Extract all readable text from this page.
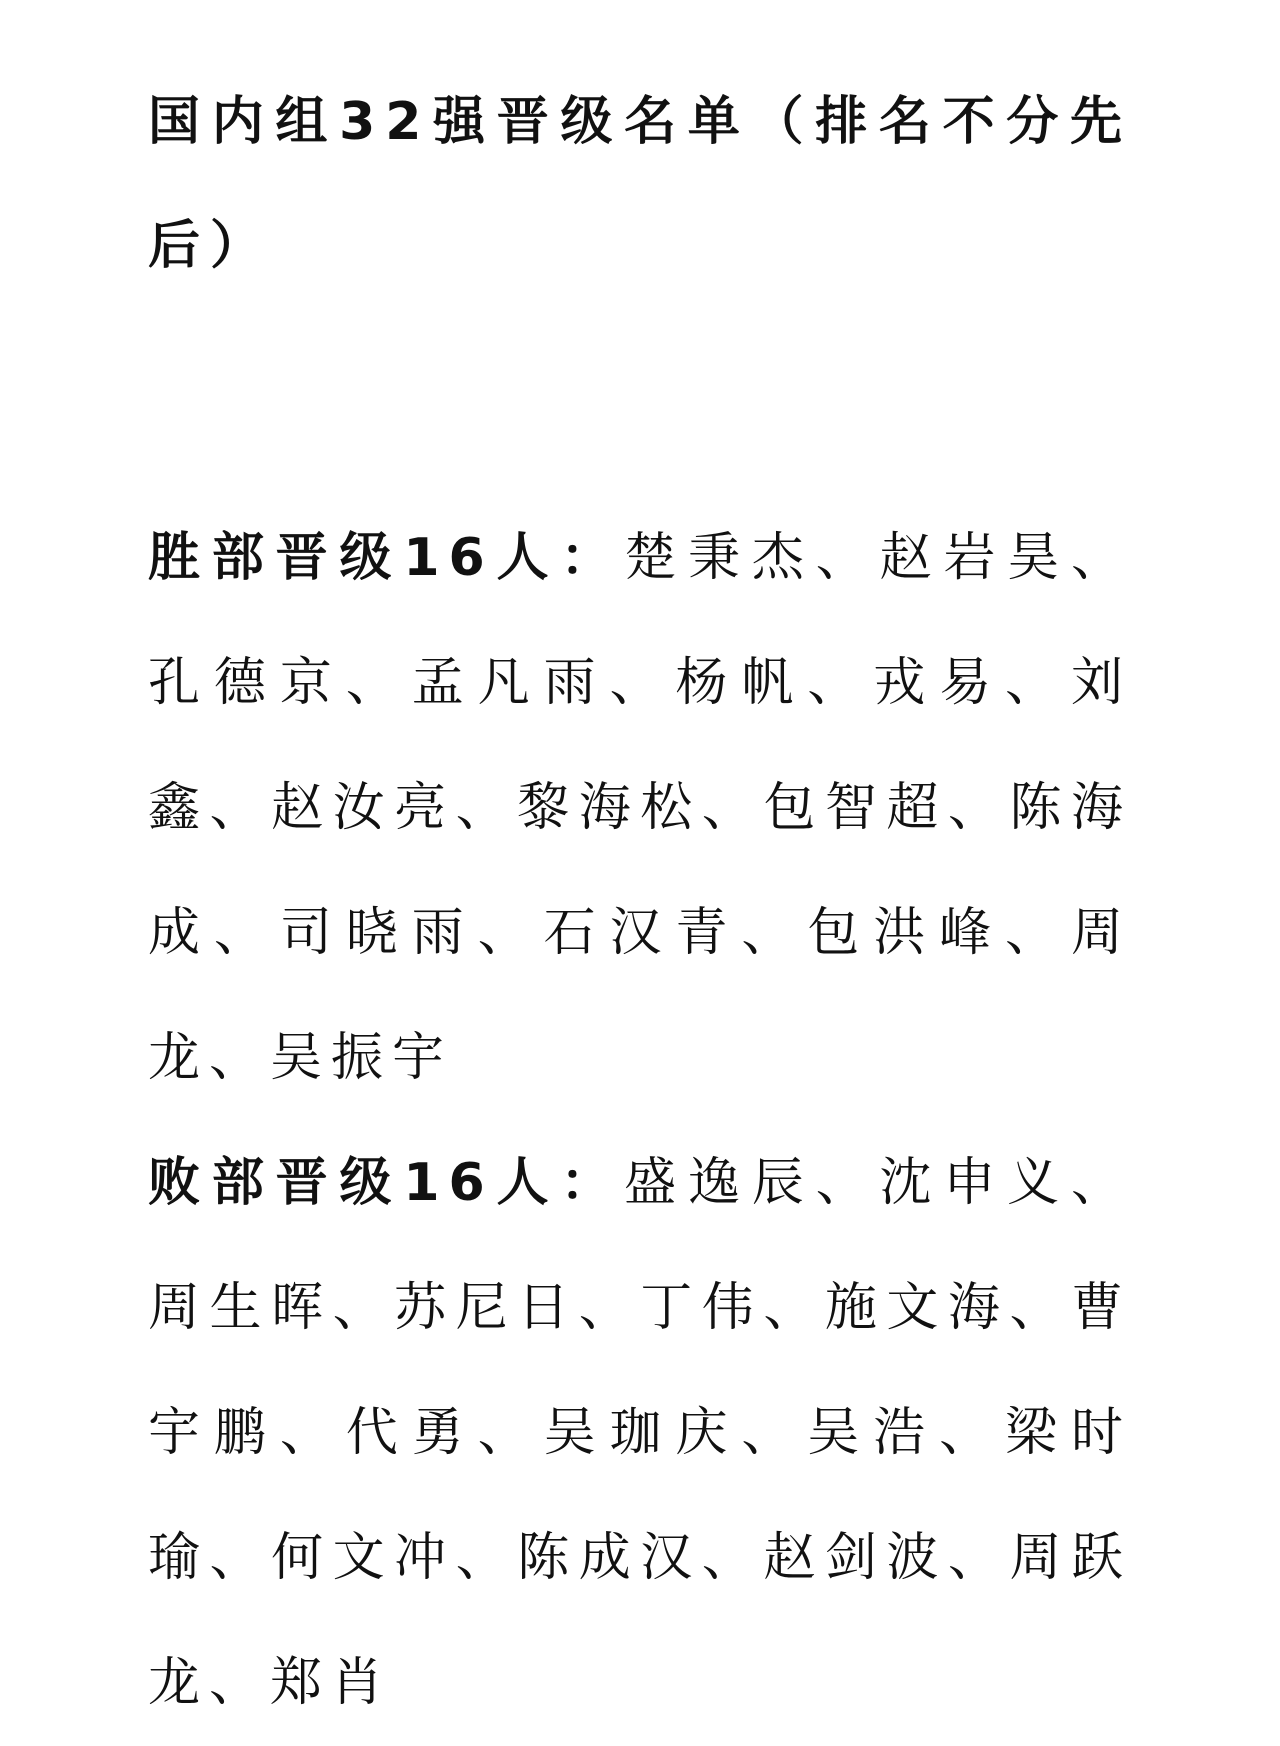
国内组32强晋级名单（排名不分先后）

胜部晋级16人：楚秉杰、赵岩昊、孔德京、孟凡雨、杨帆、戎易、刘鑫、赵汝亮、黎海松、包智超、陈海成、司晓雨、石汉青、包洪峰、周龙、吴振宇

败部晋级16人：盛逸辰、沈申义、周生晖、苏尼日、丁伟、施文海、曹宇鹏、代勇、吴珈庆、吴浩、梁时瑜、何文冲、陈成汉、赵剑波、周跃龙、郑肖
